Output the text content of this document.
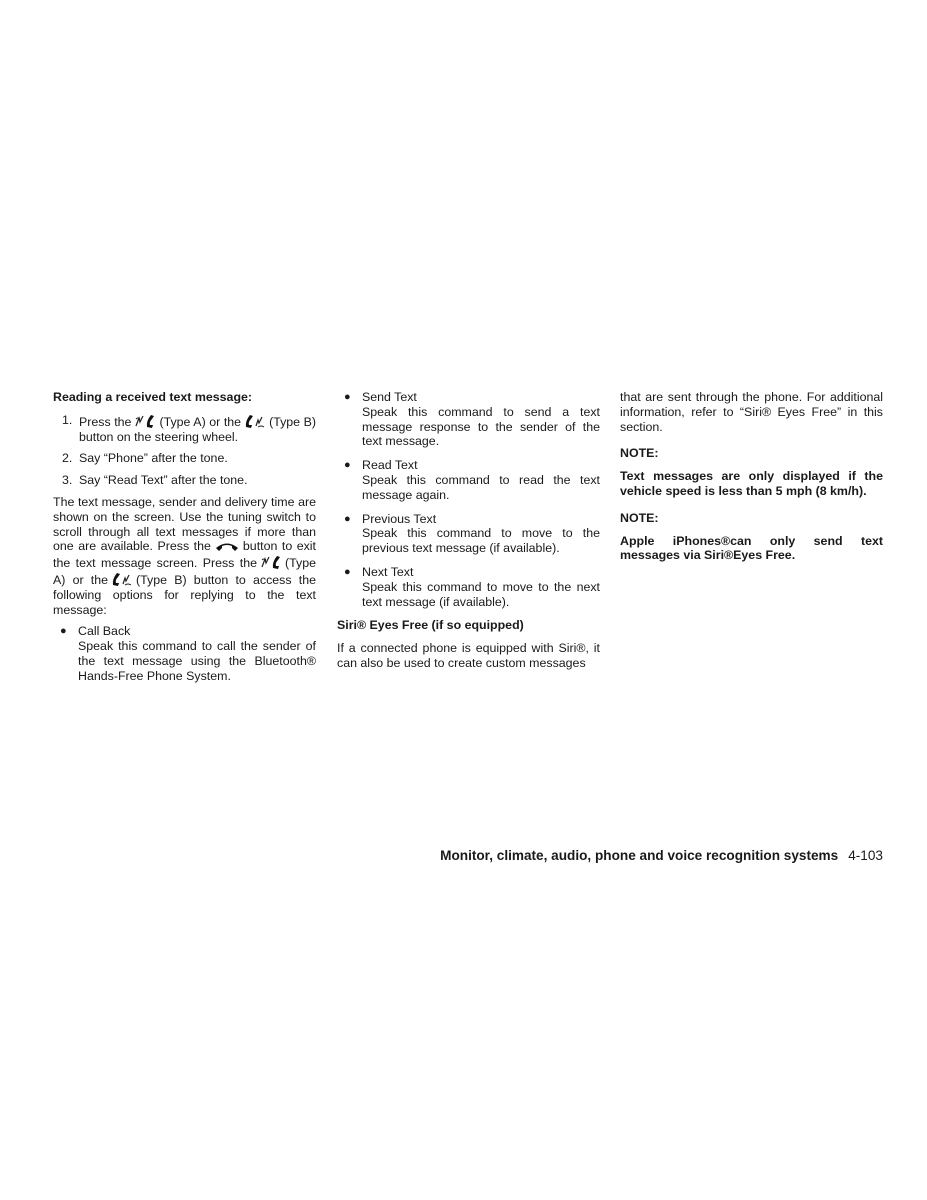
Reading a received text message:
1. Press the (Type A) or the (Type B) button on the steering wheel.
2. Say “Phone” after the tone.
3. Say “Read Text” after the tone.
The text message, sender and delivery time are shown on the screen. Use the tuning switch to scroll through all text messages if more than one are available. Press the	button to exit the text message screen. Press the (Type A) or the (Type B) button to access the following options for replying to the text message:
● Call Back
Speak this command to call the sender of the text message using the Bluetooth® Hands-Free Phone System.
● Send Text
Speak this command to send a text message response to the sender of the text message.
● Read Text
Speak this command to read the text message again.
● Previous Text
Speak this command to move to the previous text message (if available).
● Next Text
Speak this command to move to the next text message (if available).
Siri® Eyes Free (if so equipped)
If a connected phone is equipped with Siri®, it can also be used to create custom messages
that are sent through the phone. For additional information, refer to “Siri® Eyes Free” in this section.
NOTE:
Text messages are only displayed if the vehicle speed is less than 5 mph (8 km/h).
NOTE:
Apple iPhones®can only send text messages via Siri®Eyes Free.
Monitor, climate, audio, phone and voice recognition systems 4-103
